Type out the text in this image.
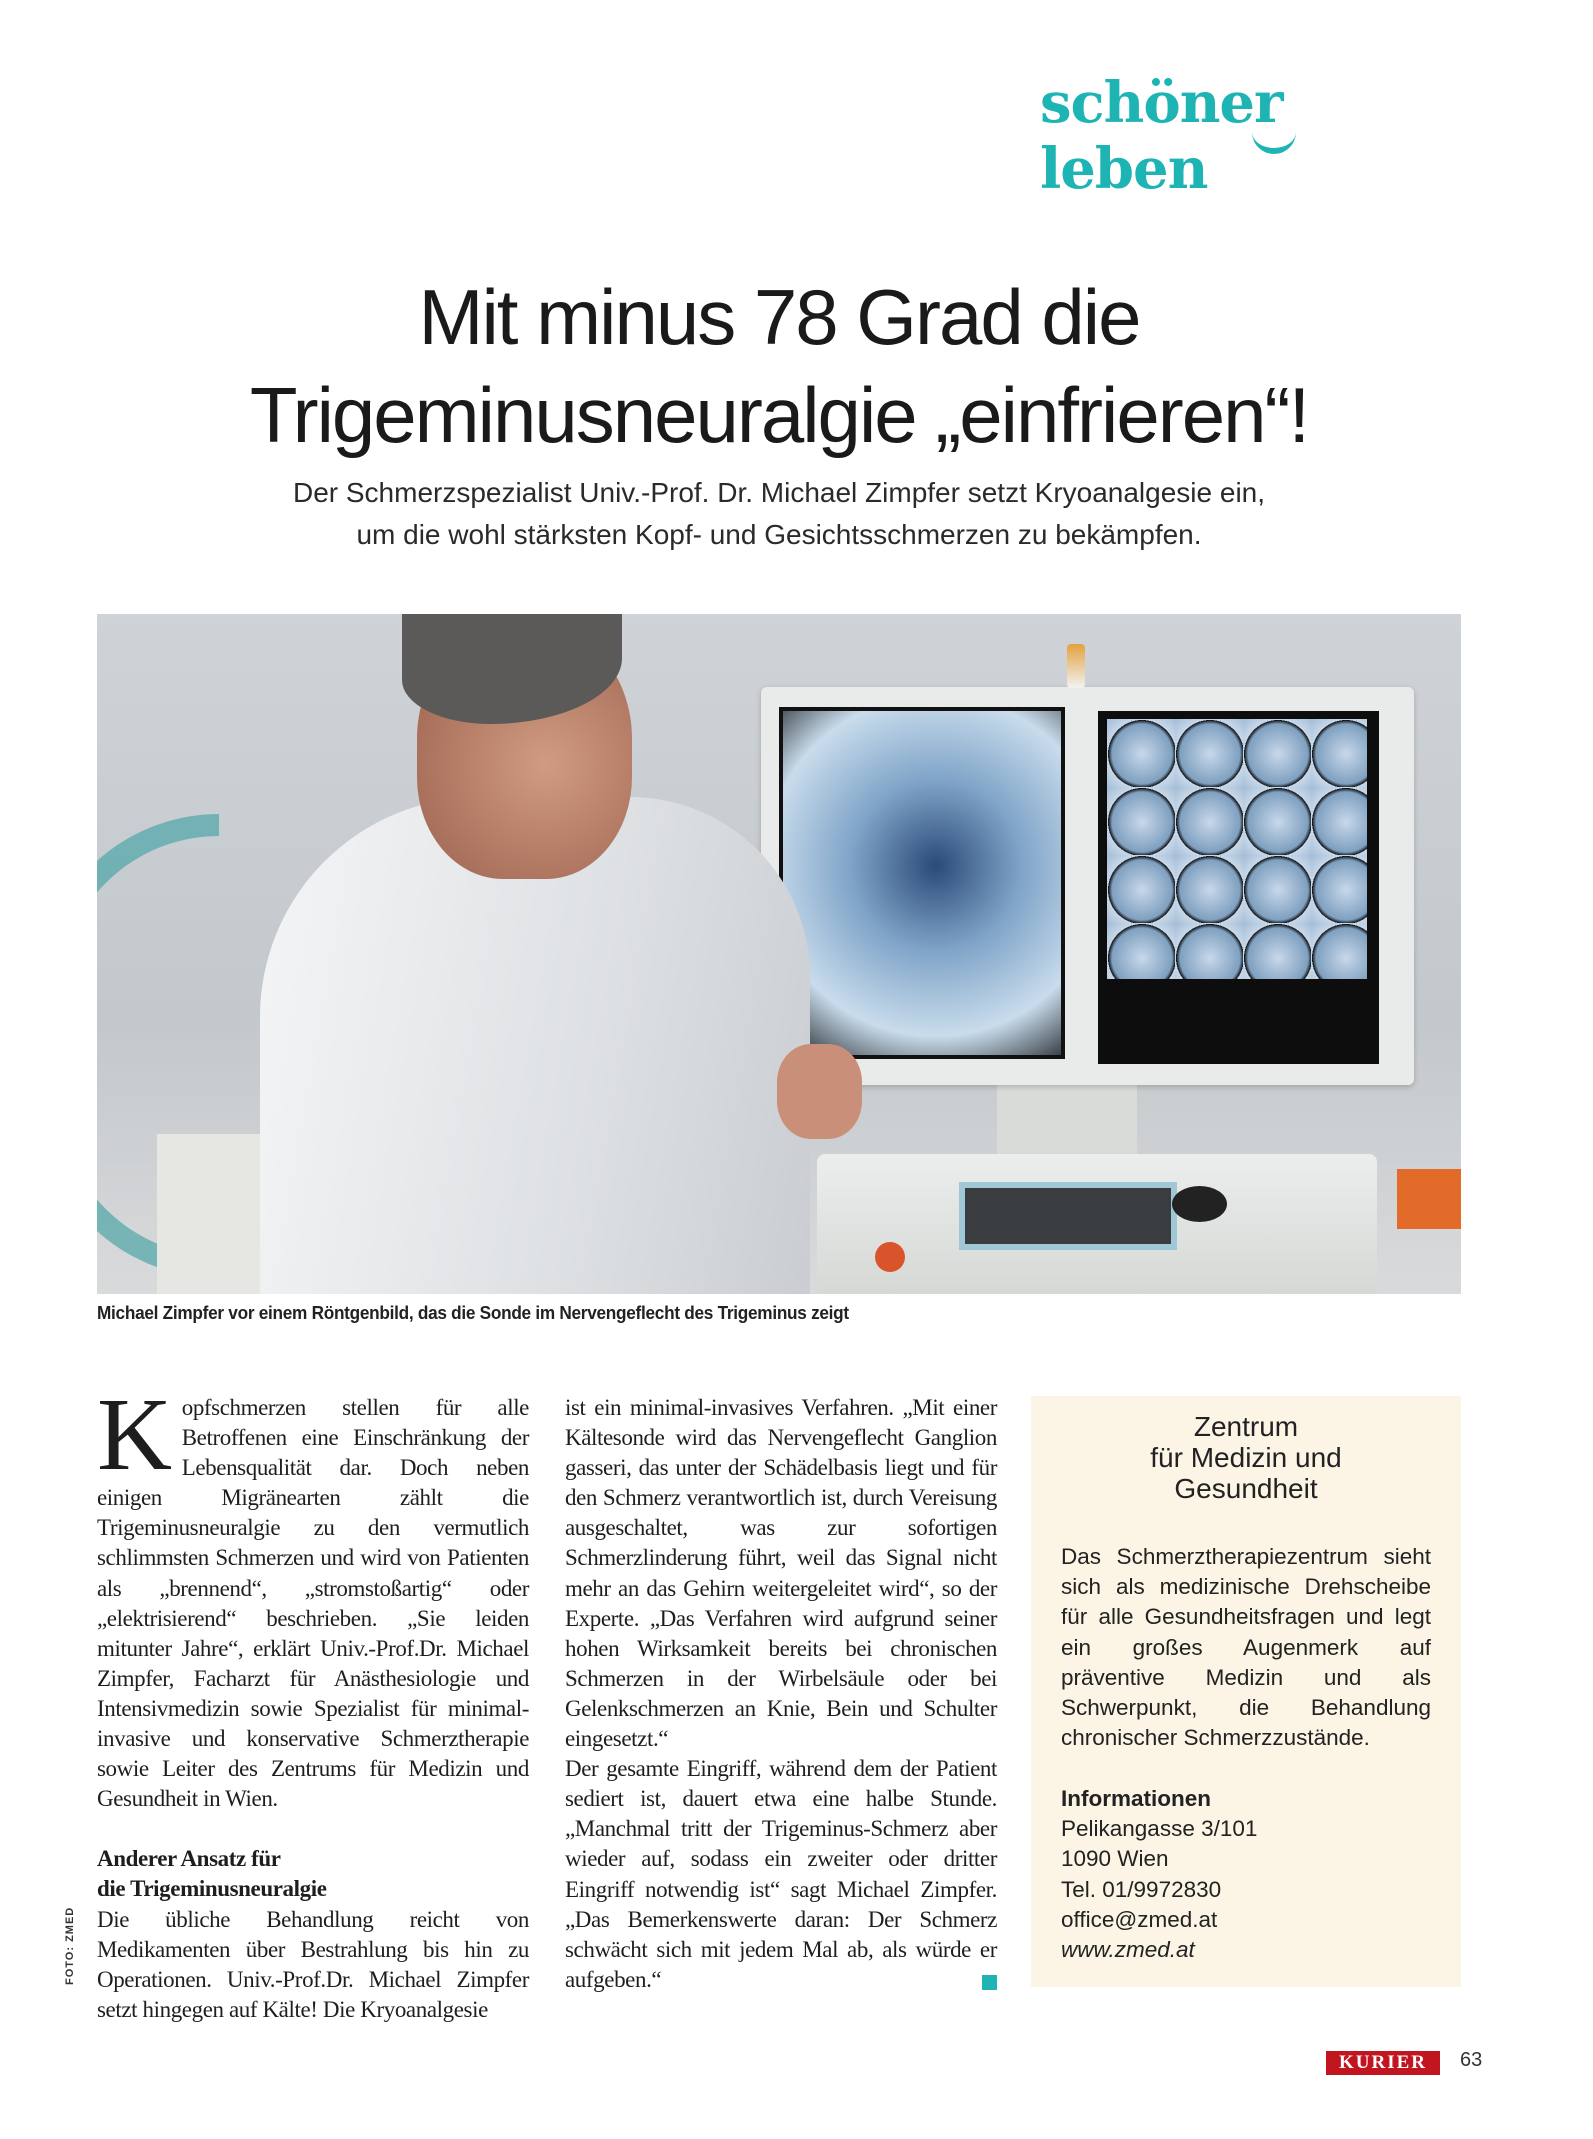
schöner leben
Mit minus 78 Grad die
Trigeminusneuralgie „einfrieren“!
Der Schmerzspezialist Univ.-Prof. Dr. Michael Zimpfer setzt Kryoanalgesie ein,
um die wohl stärksten Kopf- und Gesichtsschmerzen zu bekämpfen.
Michael Zimpfer vor einem Röntgenbild, das die Sonde im Nervengeflecht des Trigeminus zeigt

Kopfschmerzen stellen für alle Betroffenen eine Einschränkung der Lebensqualität dar. Doch neben einigen Migränearten zählt die Trigeminusneuralgie zu den vermutlich schlimmsten Schmerzen und wird von Patienten als „brennend“, „stromstoßartig“ oder „elektrisierend“ beschrieben. „Sie leiden mitunter Jahre“, erklärt Univ.-Prof.Dr. Michael Zimpfer, Facharzt für Anästhesiologie und Intensivmedizin sowie Spezialist für minimal-invasive und konservative Schmerztherapie sowie Leiter des Zentrums für Medizin und Gesundheit in Wien.

Anderer Ansatz für
die Trigeminusneuralgie

Die übliche Behandlung reicht von Medikamenten über Bestrahlung bis hin zu Operationen. Univ.-Prof.Dr. Michael Zimpfer setzt hingegen auf Kälte! Die Kryoanalgesie

ist ein minimal-invasives Verfahren. „Mit einer Kältesonde wird das Nervengeflecht Ganglion gasseri, das unter der Schädelbasis liegt und für den Schmerz verantwortlich ist, durch Vereisung ausgeschaltet, was zur sofortigen Schmerzlinderung führt, weil das Signal nicht mehr an das Gehirn weitergeleitet wird“, so der Experte. „Das Verfahren wird aufgrund seiner hohen Wirksamkeit bereits bei chronischen Schmerzen in der Wirbelsäule oder bei Gelenkschmerzen an Knie, Bein und Schulter eingesetzt.“

Der gesamte Eingriff, während dem der Patient sediert ist, dauert etwa eine halbe Stunde. „Manchmal tritt der Trigeminus-Schmerz aber wieder auf, sodass ein zweiter oder dritter Eingriff notwendig ist“ sagt Michael Zimpfer. „Das Bemerkenswerte daran: Der Schmerz schwächt sich mit jedem Mal ab, als würde er aufgeben.“

Zentrum
für Medizin und
Gesundheit
Das Schmerztherapiezentrum sieht sich als medizinische Drehscheibe für alle Gesundheitsfragen und legt ein großes Augenmerk auf präventive Medizin und als Schwerpunkt, die Behandlung chronischer Schmerzzustände.
Informationen
Pelikangasse 3/101
1090 Wien
Tel. 01/9972830
office@zmed.at
www.zmed.at
FOTO: ZMED
KURIER	63
